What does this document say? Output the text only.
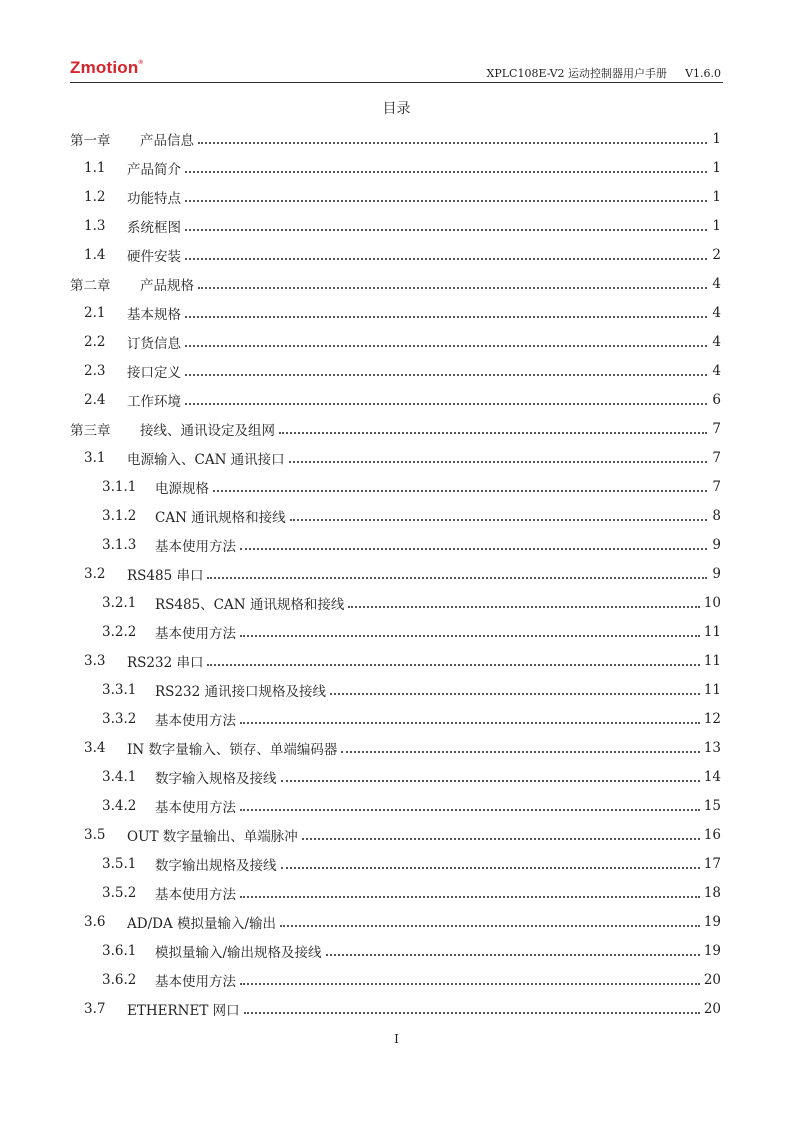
Zmotion®
XPLC108E-V2 运动控制器用户手册 V1.6.0
目录
第一章	产品信息	1
1.1	产品简介	1
1.2	功能特点	1
1.3	系统框图	1
1.4	硬件安装	2
第二章	产品规格	4
2.1	基本规格	4
2.2	订货信息	4
2.3	接口定义	4
2.4	工作环境	6
第三章	接线、通讯设定及组网	7
3.1	电源输入、CAN 通讯接口	7
3.1.1	电源规格	7
3.1.2	CAN 通讯规格和接线	8
3.1.3	基本使用方法	9
3.2	RS485 串口	9
3.2.1	RS485、CAN 通讯规格和接线	10
3.2.2	基本使用方法	11
3.3	RS232 串口	11
3.3.1	RS232 通讯接口规格及接线	11
3.3.2	基本使用方法	12
3.4	IN 数字量输入、锁存、单端编码器	13
3.4.1	数字输入规格及接线	14
3.4.2	基本使用方法	15
3.5	OUT 数字量输出、单端脉冲	16
3.5.1	数字输出规格及接线	17
3.5.2	基本使用方法	18
3.6	AD/DA 模拟量输入/输出	19
3.6.1	模拟量输入/输出规格及接线	19
3.6.2	基本使用方法	20
3.7	ETHERNET 网口	20
I
